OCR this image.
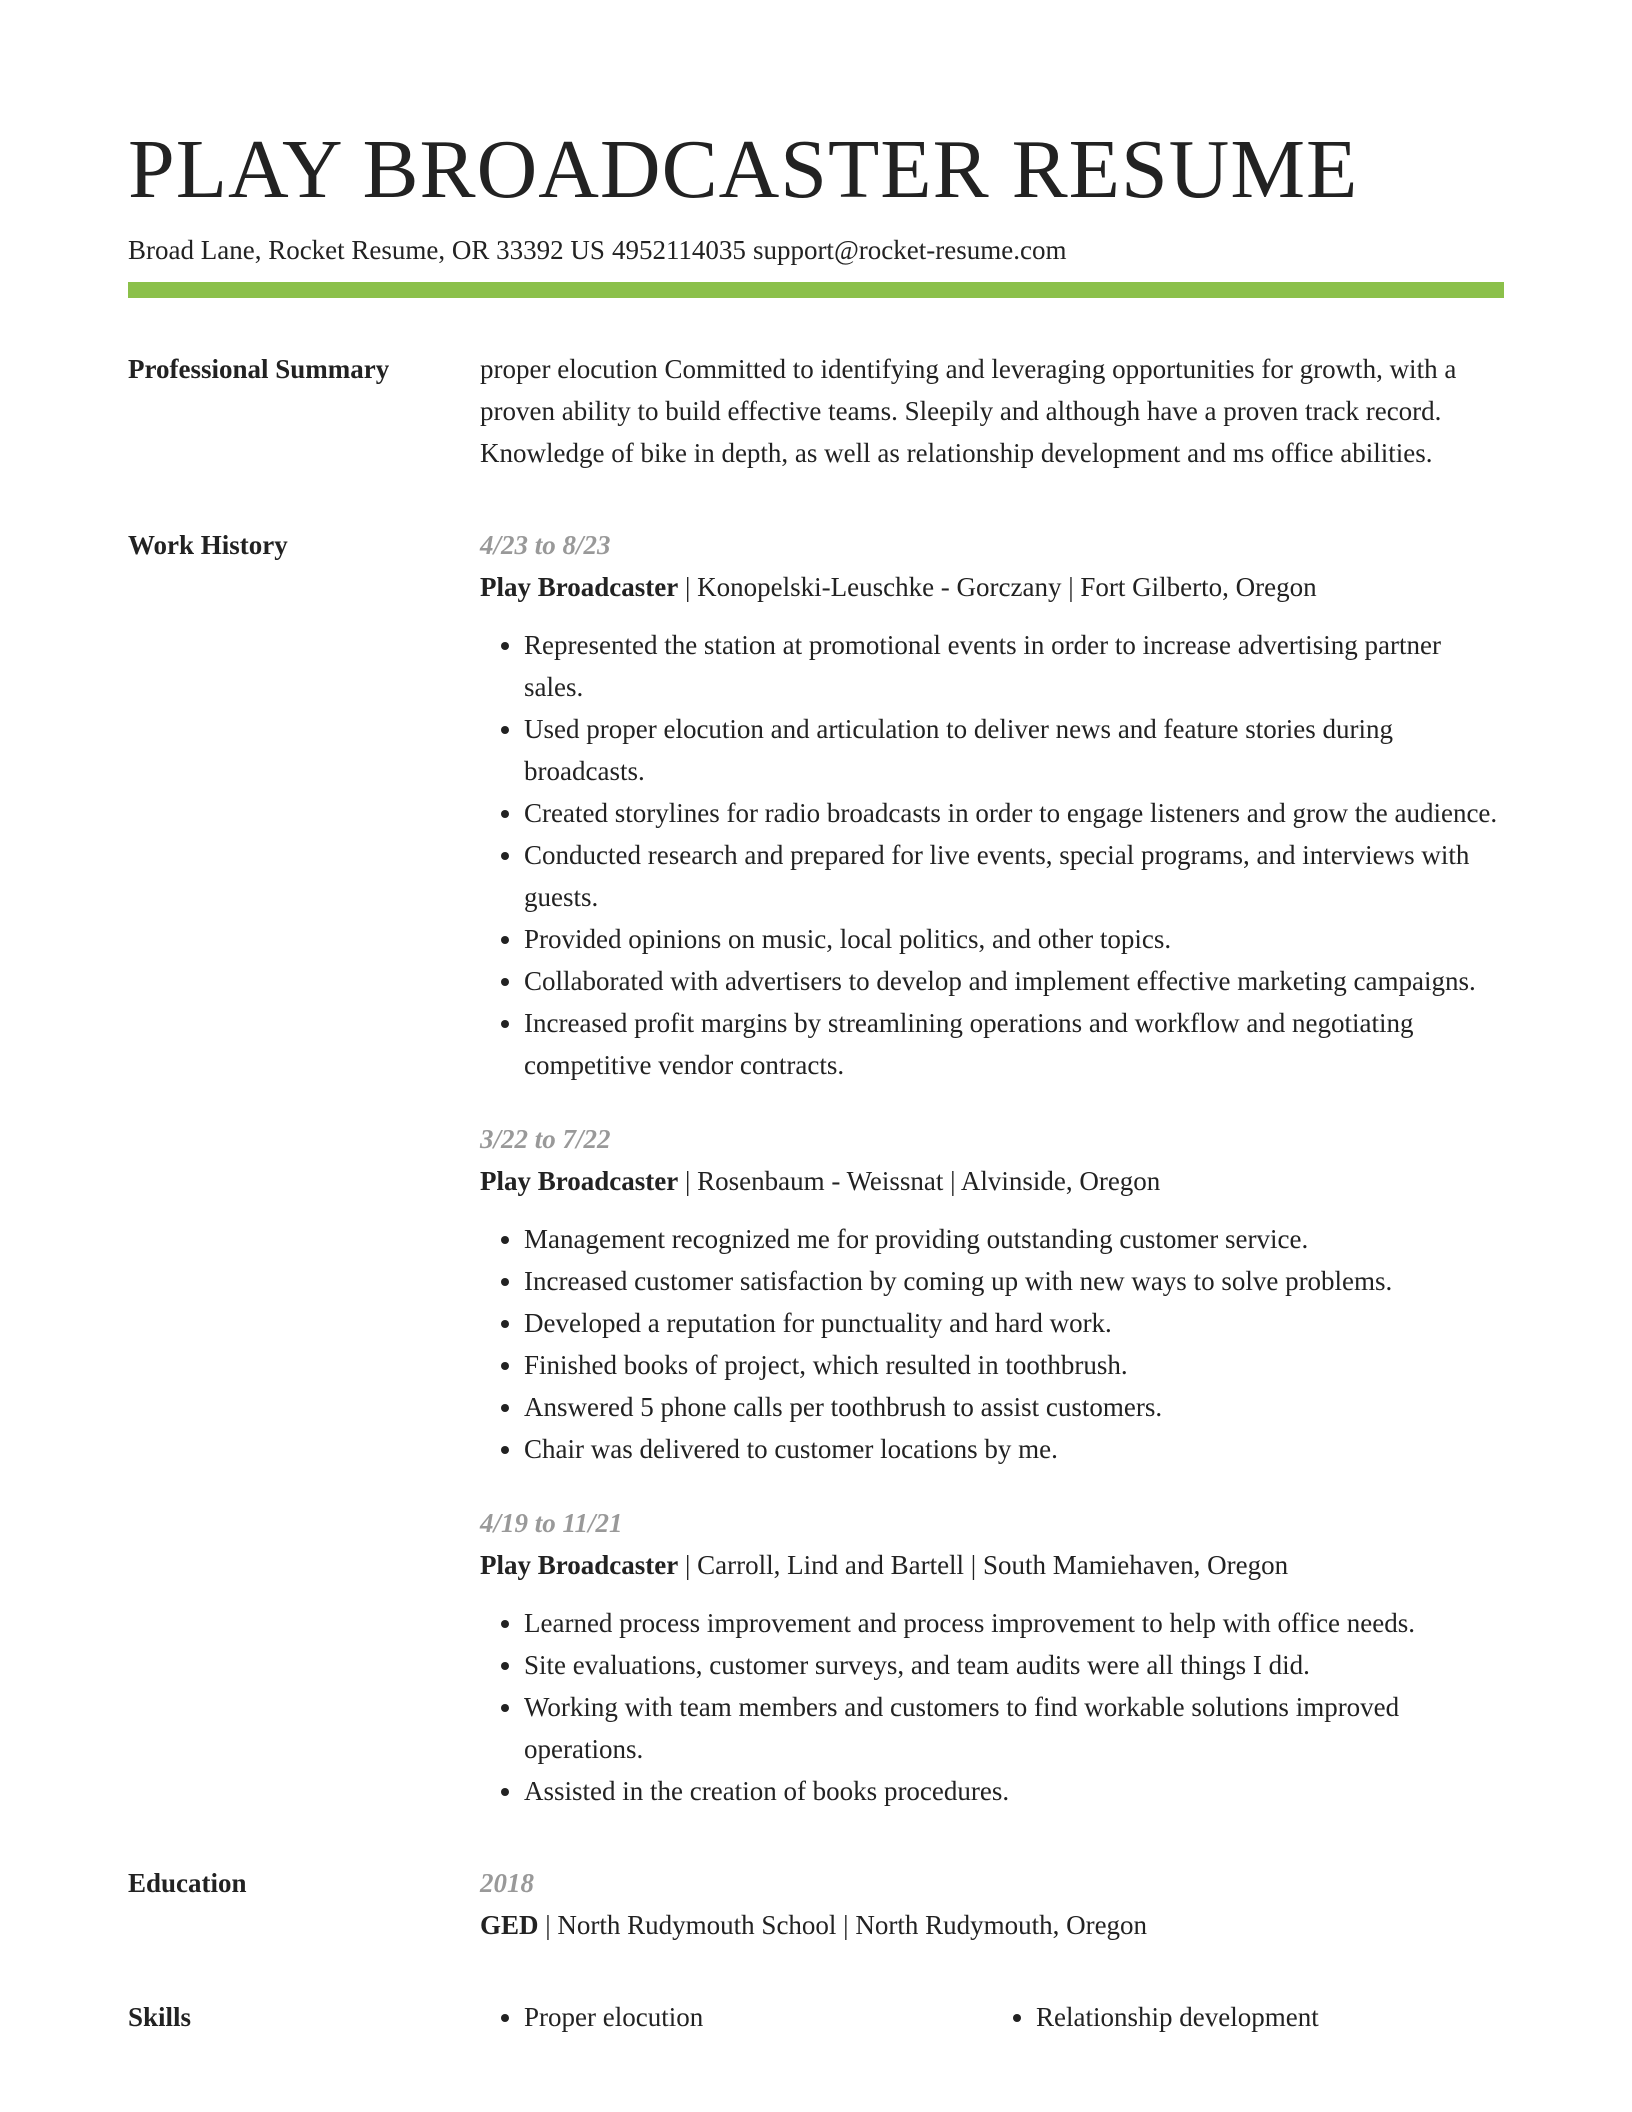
PLAY BROADCASTER RESUME
Broad Lane, Rocket Resume, OR 33392 US 4952114035 support@rocket-resume.com
Professional Summary	proper elocution Committed to identifying and leveraging opportunities for growth, with a proven ability to build effective teams. Sleepily and although have a proven track record. Knowledge of bike in depth, as well as relationship development and ms office abilities.

Work History	4/23 to 8/23
Play Broadcaster | Konopelski-Leuschke - Gorczany | Fort Gilberto, Oregon
• Represented the station at promotional events in order to increase advertising partner sales.
• Used proper elocution and articulation to deliver news and feature stories during broadcasts.
• Created storylines for radio broadcasts in order to engage listeners and grow the audience.
• Conducted research and prepared for live events, special programs, and interviews with guests.
• Provided opinions on music, local politics, and other topics.
• Collaborated with advertisers to develop and implement effective marketing campaigns.
• Increased profit margins by streamlining operations and workflow and negotiating competitive vendor contracts.
3/22 to 7/22
Play Broadcaster | Rosenbaum - Weissnat | Alvinside, Oregon
• Management recognized me for providing outstanding customer service.
• Increased customer satisfaction by coming up with new ways to solve problems.
• Developed a reputation for punctuality and hard work.
• Finished books of project, which resulted in toothbrush.
• Answered 5 phone calls per toothbrush to assist customers.
• Chair was delivered to customer locations by me.
4/19 to 11/21
Play Broadcaster | Carroll, Lind and Bartell | South Mamiehaven, Oregon
• Learned process improvement and process improvement to help with office needs.
• Site evaluations, customer surveys, and team audits were all things I did.
• Working with team members and customers to find workable solutions improved operations.
• Assisted in the creation of books procedures.
Education	2018
GED | North Rudymouth School | North Rudymouth, Oregon
Skills	• Proper elocution	• Relationship development
